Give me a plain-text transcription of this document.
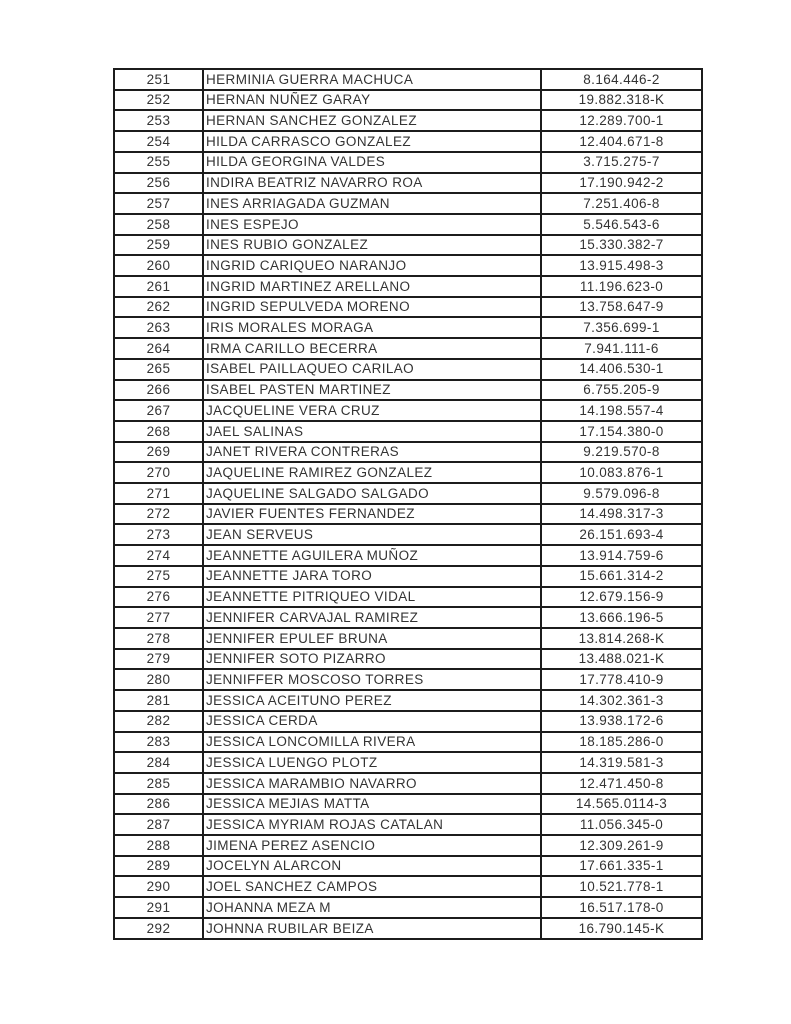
251	HERMINIA GUERRA MACHUCA	8.164.446-2
252	HERNAN NUÑEZ GARAY	19.882.318-K
253	HERNAN SANCHEZ GONZALEZ	12.289.700-1
254	HILDA CARRASCO GONZALEZ	12.404.671-8
255	HILDA GEORGINA VALDES	3.715.275-7
256	INDIRA BEATRIZ NAVARRO ROA	17.190.942-2
257	INES ARRIAGADA GUZMAN	7.251.406-8
258	INES ESPEJO	5.546.543-6
259	INES RUBIO GONZALEZ	15.330.382-7
260	INGRID CARIQUEO NARANJO	13.915.498-3
261	INGRID MARTINEZ ARELLANO	11.196.623-0
262	INGRID SEPULVEDA MORENO	13.758.647-9
263	IRIS MORALES MORAGA	7.356.699-1
264	IRMA CARILLO BECERRA	7.941.111-6
265	ISABEL PAILLAQUEO CARILAO	14.406.530-1
266	ISABEL PASTEN MARTINEZ	6.755.205-9
267	JACQUELINE VERA CRUZ	14.198.557-4
268	JAEL SALINAS	17.154.380-0
269	JANET RIVERA CONTRERAS	9.219.570-8
270	JAQUELINE RAMIREZ GONZALEZ	10.083.876-1
271	JAQUELINE SALGADO SALGADO	9.579.096-8
272	JAVIER FUENTES FERNANDEZ	14.498.317-3
273	JEAN SERVEUS	26.151.693-4
274	JEANNETTE AGUILERA MUÑOZ	13.914.759-6
275	JEANNETTE JARA TORO	15.661.314-2
276	JEANNETTE PITRIQUEO VIDAL	12.679.156-9
277	JENNIFER CARVAJAL RAMIREZ	13.666.196-5
278	JENNIFER EPULEF BRUNA	13.814.268-K
279	JENNIFER SOTO PIZARRO	13.488.021-K
280	JENNIFFER MOSCOSO TORRES	17.778.410-9
281	JESSICA ACEITUNO PEREZ	14.302.361-3
282	JESSICA CERDA	13.938.172-6
283	JESSICA LONCOMILLA RIVERA	18.185.286-0
284	JESSICA LUENGO PLOTZ	14.319.581-3
285	JESSICA MARAMBIO NAVARRO	12.471.450-8
286	JESSICA MEJIAS MATTA	14.565.0114-3
287	JESSICA MYRIAM ROJAS CATALAN	11.056.345-0
288	JIMENA PEREZ ASENCIO	12.309.261-9
289	JOCELYN ALARCON	17.661.335-1
290	JOEL SANCHEZ CAMPOS	10.521.778-1
291	JOHANNA MEZA M	16.517.178-0
292	JOHNNA RUBILAR BEIZA	16.790.145-K
